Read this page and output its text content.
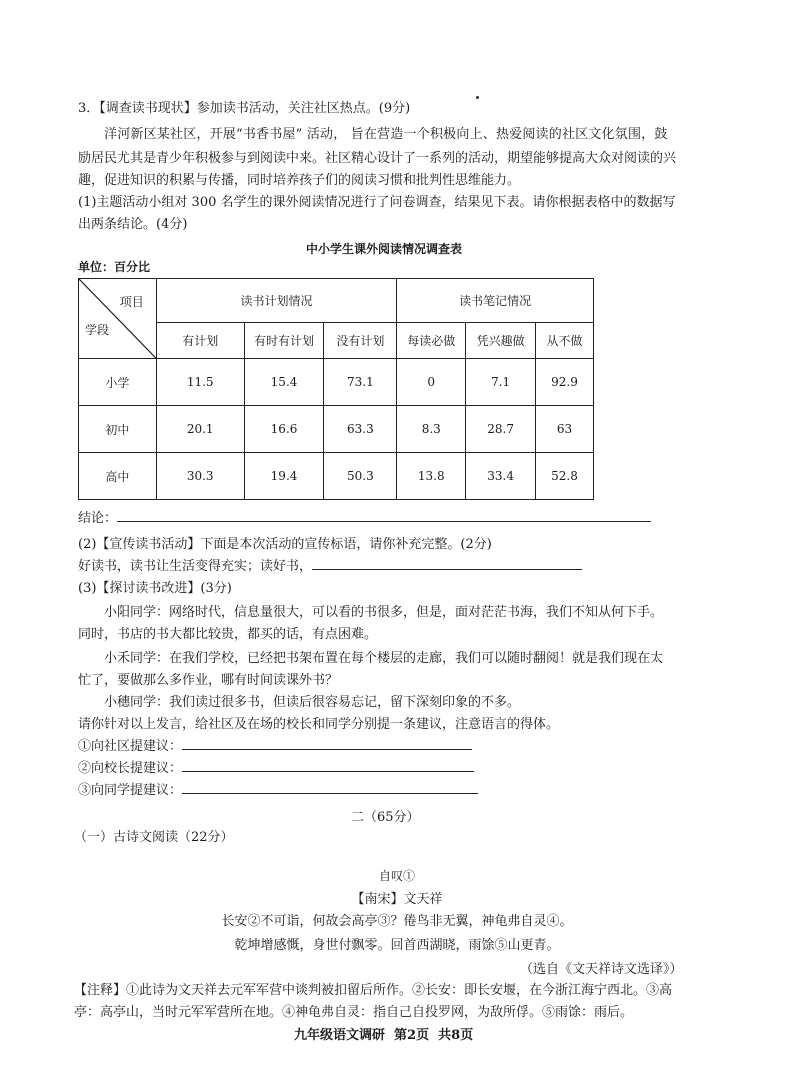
3．【调查读书现状】参加读书活动，关注社区热点。(9分)
洋河新区某社区，开展“书香书屋” 活动， 旨在营造一个积极向上、热爱阅读的社区文化氛围，鼓
励居民尤其是青少年积极参与到阅读中来。社区精心设计了一系列的活动，期望能够提高大众对阅读的兴
趣，促进知识的积累与传播，同时培养孩子们的阅读习惯和批判性思维能力。
(1)主题活动小组对 300 名学生的课外阅读情况进行了问卷调查，结果见下表。请你根据表格中的数据写
出两条结论。(4分)
中小学生课外阅读情况调查表
单位：百分比
项目
学段	读书计划情况			读书笔记情况		
	有计划	有时有计划	没有计划	每读必做	凭兴趣做	从不做
小学	11.5	15.4	73.1	0	7.1	92.9
初中	20.1	16.6	63.3	8.3	28.7	63
高中	30.3	19.4	50.3	13.8	33.4	52.8
结论：
(2)【宣传读书活动】下面是本次活动的宣传标语，请你补充完整。(2分)
好读书，读书让生活变得充实；读好书，
(3)【探讨读书改进】(3分)
小阳同学：网络时代，信息量很大，可以看的书很多，但是，面对茫茫书海，我们不知从何下手。
同时，书店的书大都比较贵，都买的话，有点困难。
小禾同学：在我们学校，已经把书架布置在每个楼层的走廊，我们可以随时翻阅！就是我们现在太
忙了，要做那么多作业，哪有时间读课外书？
小穗同学：我们读过很多书，但读后很容易忘记，留下深刻印象的不多。
请你针对以上发言，给社区及在场的校长和同学分别提一条建议，注意语言的得体。
①向社区提建议：
②向校长提建议：
③向同学提建议：
二（65分）
（一）古诗文阅读（22分）
自叹①
【南宋】文天祥
长安②不可诣，何故会高亭③？倦鸟非无翼，神龟弗自灵④。
乾坤增感慨，身世付飘零。回首西湖晓，雨馀⑤山更青。
（选自《文天祥诗文选译》）
【注释】①此诗为文天祥去元军军营中谈判被扣留后所作。②长安：即长安堰，在今浙江海宁西北。③高
亭：高亭山，当时元军军营所在地。④神龟弗自灵：指自己自投罗网，为敌所俘。⑤雨馀：雨后。
九年级语文调研  第2页  共8页
